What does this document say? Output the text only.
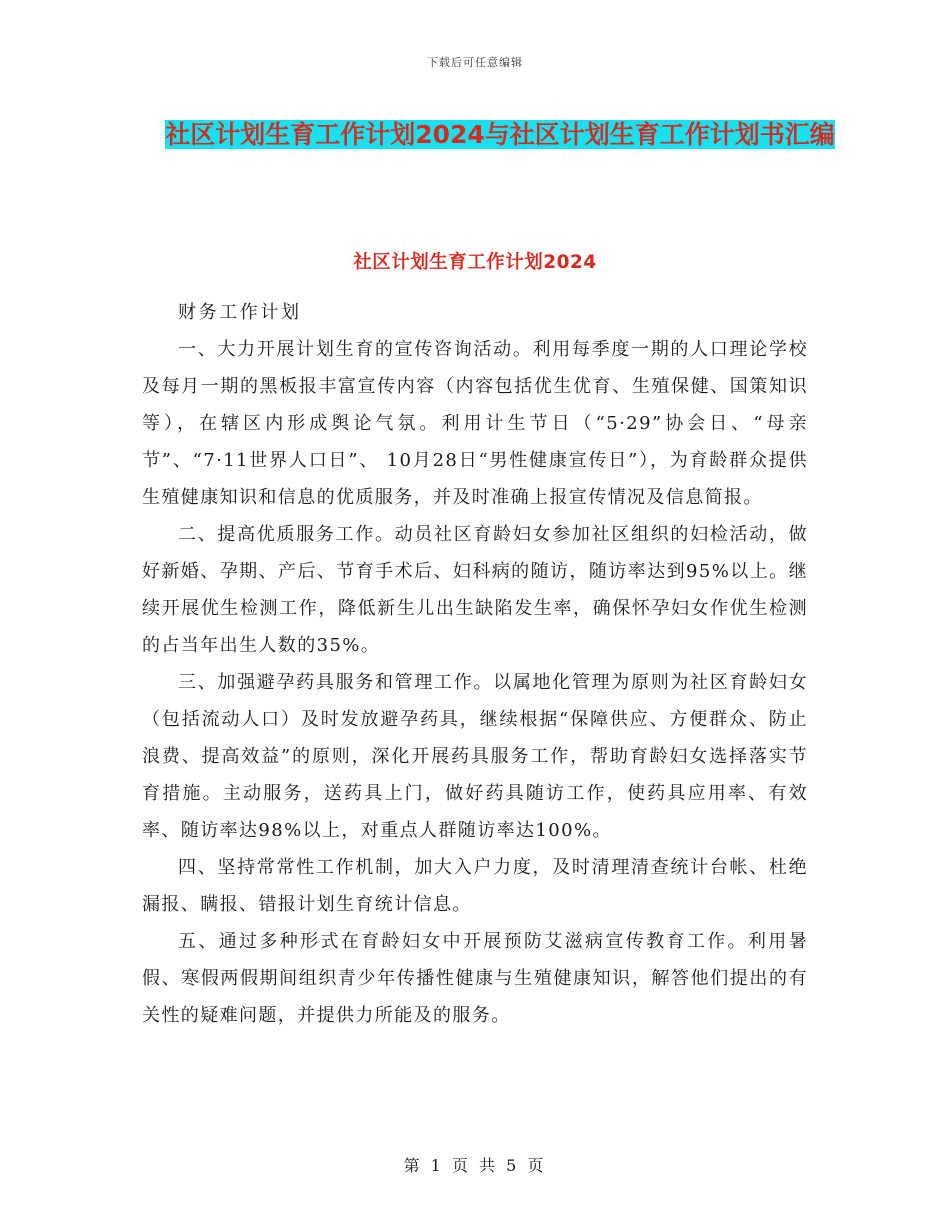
下载后可任意编辑
社区计划生育工作计划2024与社区计划生育工作计划书汇编
社区计划生育工作计划2024

财务工作计划

一、大力开展计划生育的宣传咨询活动。利用每季度一期的人口理论学校及每月一期的黑板报丰富宣传内容（内容包括优生优育、生殖保健、国策知识等），在辖区内形成舆论气氛。利用计生节日（“5·29”协会日、“母亲节”、“7·11世界人口日”、 10月28日“男性健康宣传日”），为育龄群众提供生殖健康知识和信息的优质服务，并及时准确上报宣传情况及信息简报。

二、提高优质服务工作。动员社区育龄妇女参加社区组织的妇检活动，做好新婚、孕期、产后、节育手术后、妇科病的随访，随访率达到95%以上。继续开展优生检测工作，降低新生儿出生缺陷发生率，确保怀孕妇女作优生检测的占当年出生人数的35%。

三、加强避孕药具服务和管理工作。以属地化管理为原则为社区育龄妇女（包括流动人口）及时发放避孕药具，继续根据“保障供应、方便群众、防止浪费、提高效益”的原则，深化开展药具服务工作，帮助育龄妇女选择落实节育措施。主动服务，送药具上门，做好药具随访工作，使药具应用率、有效率、随访率达98%以上，对重点人群随访率达100%。

四、坚持常常性工作机制，加大入户力度，及时清理清查统计台帐、杜绝漏报、瞒报、错报计划生育统计信息。

五、通过多种形式在育龄妇女中开展预防艾滋病宣传教育工作。利用暑假、寒假两假期间组织青少年传播性健康与生殖健康知识，解答他们提出的有关性的疑难问题，并提供力所能及的服务。

第 1 页 共 5 页
